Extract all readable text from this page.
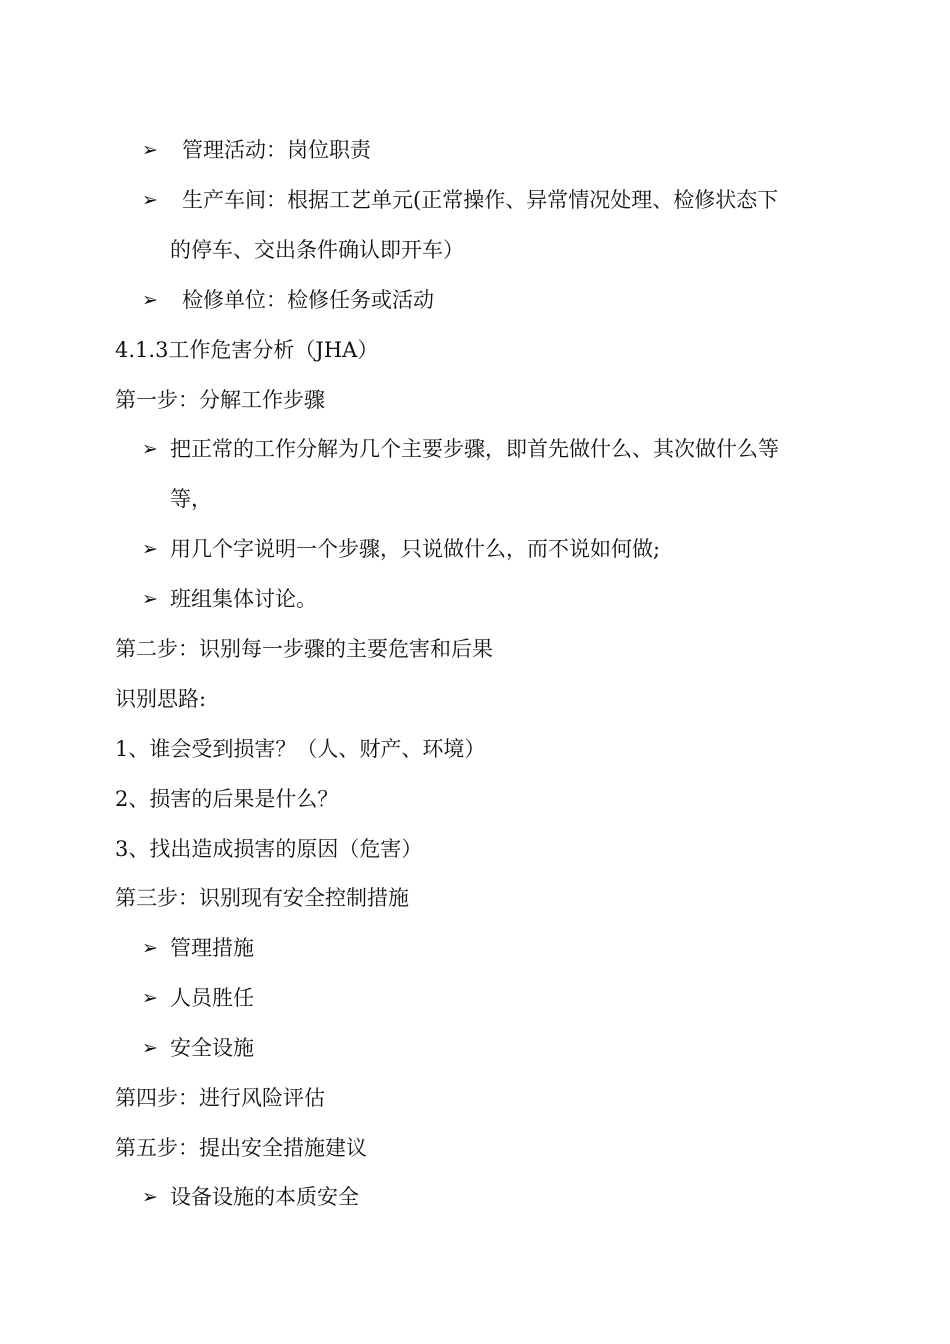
➢ 管理活动：岗位职责
➢ 生产车间：根据工艺单元(正常操作、异常情况处理、检修状态下
的停车、交出条件确认即开车）
➢ 检修单位：检修任务或活动
4.1.3工作危害分析（JHA）
第一步：分解工作步骤
➢ 把正常的工作分解为几个主要步骤，即首先做什么、其次做什么等
等，
➢ 用几个字说明一个步骤，只说做什么，而不说如何做;
➢ 班组集体讨论。
第二步：识别每一步骤的主要危害和后果
识别思路:
1、谁会受到损害？（人、财产、环境）
2、损害的后果是什么？
3、找出造成损害的原因（危害）
第三步：识别现有安全控制措施
➢ 管理措施
➢ 人员胜任
➢ 安全设施
第四步：进行风险评估
第五步：提出安全措施建议
➢ 设备设施的本质安全
